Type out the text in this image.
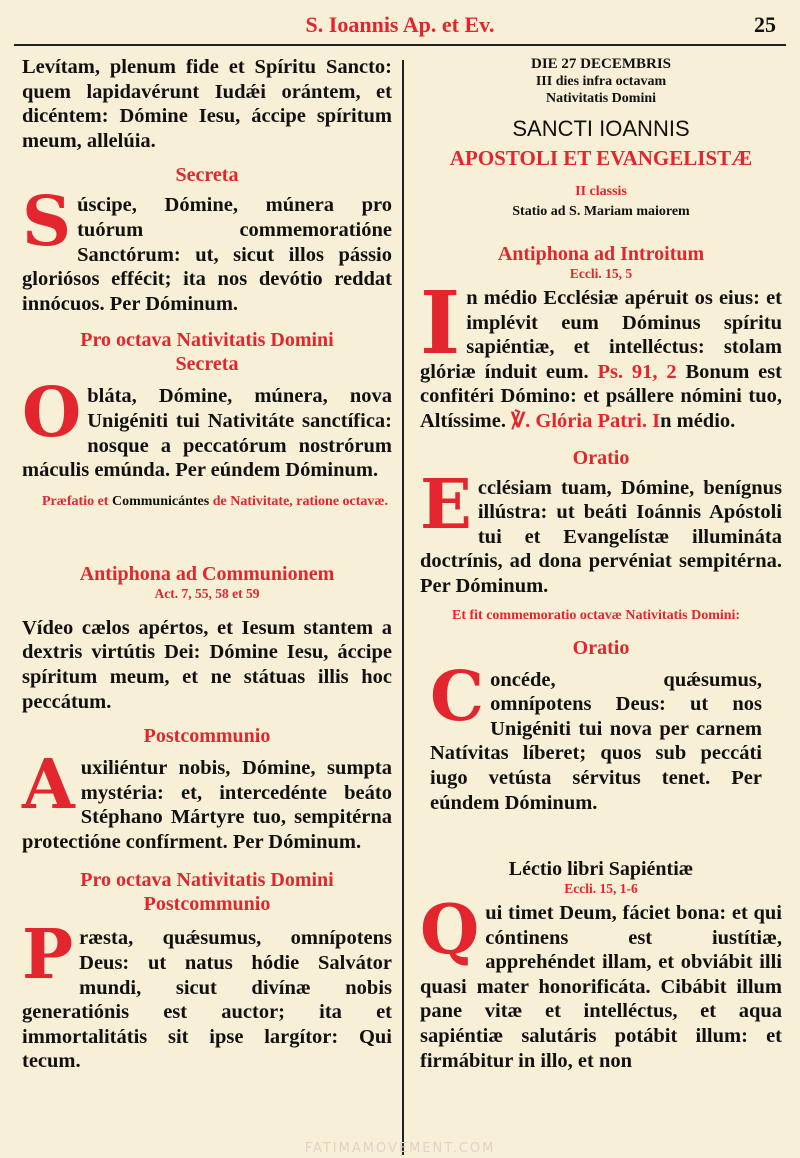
S. Ioannis Ap. et Ev.	25

Levítam, plenum fide et Spíritu Sancto: quem lapidavérunt Iudǽi orántem, et dicéntem: Dómine Iesu, áccipe spíritum meum, allelúia.

Secreta

Súscipe, Dómine, múnera pro tuórum commemoratióne Sanctórum: ut, sicut illos pássio gloriósos effécit; ita nos devótio reddat innócuos. Per Dóminum.

Pro octava Nativitatis Domini
Secreta

Obláta, Dómine, múnera, nova Unigéniti tui Nativitáte sanctífica: nosque a peccatórum nostrórum máculis emúnda. Per eúndem Dóminum.

Præfatio et Communicántes de Nativitate, ratione octavæ.

Antiphona ad Communionem
Act. 7, 55, 58 et 59

Vídeo cælos apértos, et Iesum stantem a dextris virtútis Dei: Dómine Iesu, áccipe spíritum meum, et ne státuas illis hoc peccátum.

Postcommunio

Auxiliéntur nobis, Dómine, sumpta mystéria: et, intercedénte beáto Stéphano Mártyre tuo, sempitérna protectióne confírment. Per Dóminum.

Pro octava Nativitatis Domini
Postcommunio

Præsta, quǽsumus, omnípotens Deus: ut natus hódie Salvátor mundi, sicut divínæ nobis generatiónis est auctor; ita et immortalitátis sit ipse largítor: Qui tecum.

DIE 27 DECEMBRIS
III dies infra octavam
Nativitatis Domini
SANCTI IOANNIS
APOSTOLI ET EVANGELISTÆ
II classis
Statio ad S. Mariam maiorem
Antiphona ad Introitum
Eccli. 15, 5

In médio Ecclésiæ apéruit os eius: et implévit eum Dóminus spíritu sapiéntiæ, et intelléctus: stolam glóriæ índuit eum. Ps. 91, 2 Bonum est confitéri Dómino: et psállere nómini tuo, Altíssime. ℣. Glória Patri. In médio.

Oratio

Ecclésiam tuam, Dómine, benígnus illústra: ut beáti Ioánnis Apóstoli tui et Evangelístæ illumináta doctrínis, ad dona pervéniat sempitérna. Per Dóminum.

Et fit commemoratio octavæ Nativitatis Domini:

Oratio

Concéde, quǽsumus, omnípotens Deus: ut nos Unigéniti tui nova per carnem Natívitas líberet; quos sub peccáti iugo vetústa sérvitus tenet. Per eúndem Dóminum.

Léctio libri Sapiéntiæ
Eccli. 15, 1-6

Qui timet Deum, fáciet bona: et qui cóntinens est iustítiæ, apprehéndet illam, et obviábit illi quasi mater honorificáta. Cibábit illum pane vitæ et intelléctus, et aqua sapiéntiæ salutáris potábit illum: et firmábitur in illo, et non

FATIMAMOVEMENT.COM
